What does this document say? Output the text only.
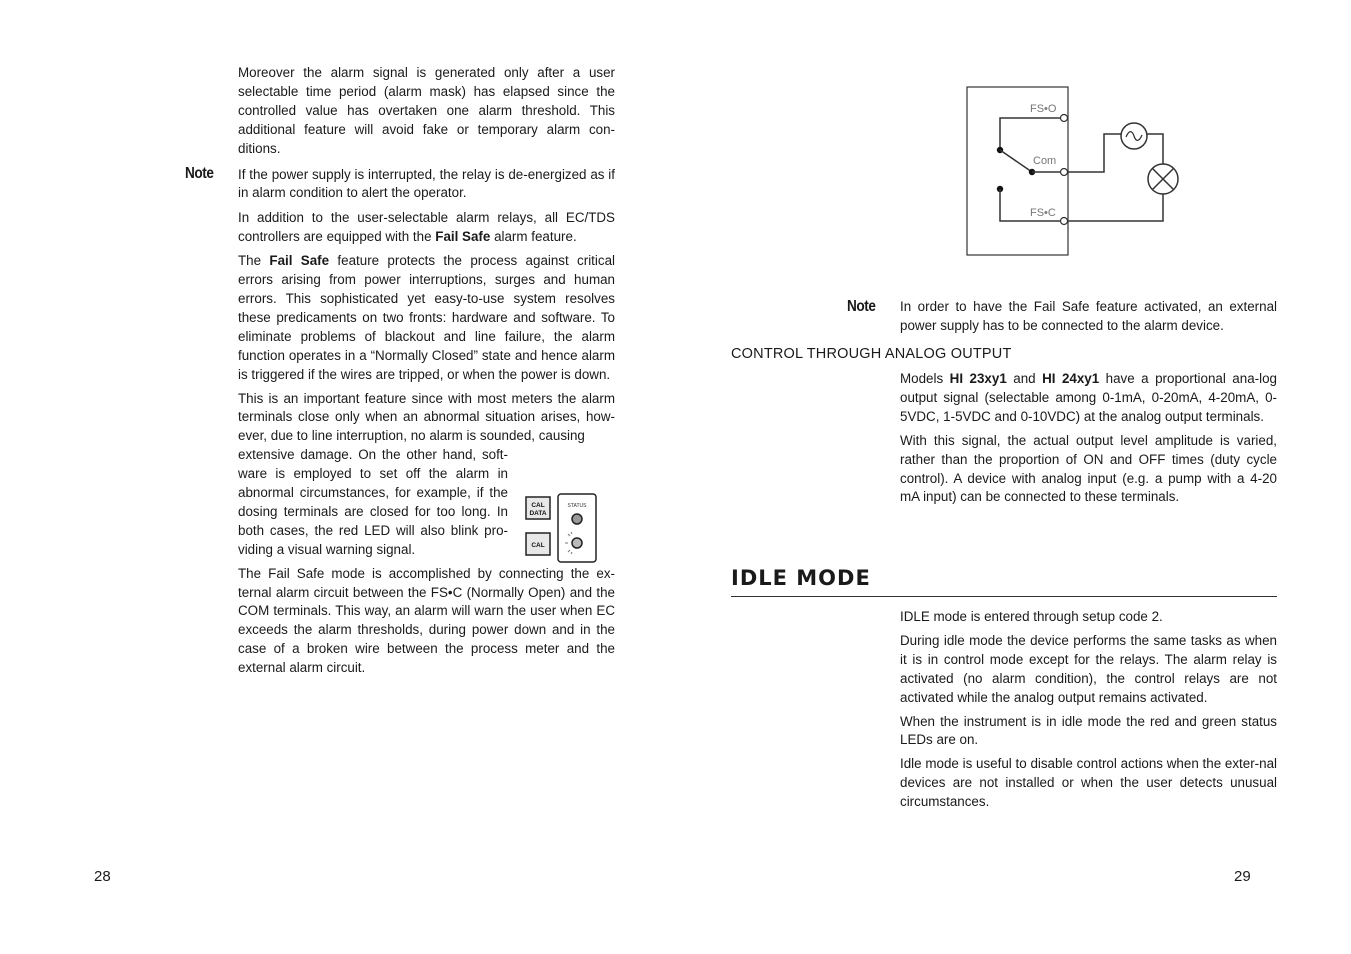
Moreover the alarm signal is generated only after a user selectable time period (alarm mask) has elapsed since the controlled value has overtaken one alarm threshold. This additional feature will avoid fake or temporary alarm con-ditions.

If the power supply is interrupted, the relay is de-energized as if in alarm condition to alert the operator.

In addition to the user-selectable alarm relays, all EC/TDS controllers are equipped with the Fail Safe alarm feature.

The Fail Safe feature protects the process against critical errors arising from power interruptions, surges and human errors. This sophisticated yet easy-to-use system resolves these predicaments on two fronts: hardware and software. To eliminate problems of blackout and line failure, the alarm function operates in a “Normally Closed” state and hence alarm is triggered if the wires are tripped, or when the power is down.

This is an important feature since with most meters the alarm terminals close only when an abnormal situation arises, how-ever, due to line interruption, no alarm is sounded, causing

extensive damage. On the other hand, soft-ware is employed to set off the alarm in abnormal circumstances, for example, if the dosing terminals are closed for too long. In both cases, the red LED will also blink pro-viding a visual warning signal.

The Fail Safe mode is accomplished by connecting the ex-ternal alarm circuit between the FS•C (Normally Open) and the COM terminals. This way, an alarm will warn the user when EC exceeds the alarm thresholds, during power down and in the case of a broken wire between the process meter and the external alarm circuit.

Note
CAL
DATA
CAL
STATUS
28
FS•O
Com
FS•C
Note In order to have the Fail Safe feature activated, an external power supply has to be connected to the alarm device.

CONTROL THROUGH ANALOG OUTPUT

Models HI 23xy1 and HI 24xy1 have a proportional ana-log output signal (selectable among 0-1mA, 0-20mA, 4-20mA, 0-5VDC, 1-5VDC and 0-10VDC) at the analog output terminals.

With this signal, the actual output level amplitude is varied, rather than the proportion of ON and OFF times (duty cycle control). A device with analog input (e.g. a pump with a 4-20 mA input) can be connected to these terminals.

IDLE MODE

IDLE mode is entered through setup code 2.

During idle mode the device performs the same tasks as when it is in control mode except for the relays. The alarm relay is activated (no alarm condition), the control relays are not activated while the analog output remains activated.

When the instrument is in idle mode the red and green status LEDs are on.

Idle mode is useful to disable control actions when the exter-nal devices are not installed or when the user detects unusual circumstances.

29
